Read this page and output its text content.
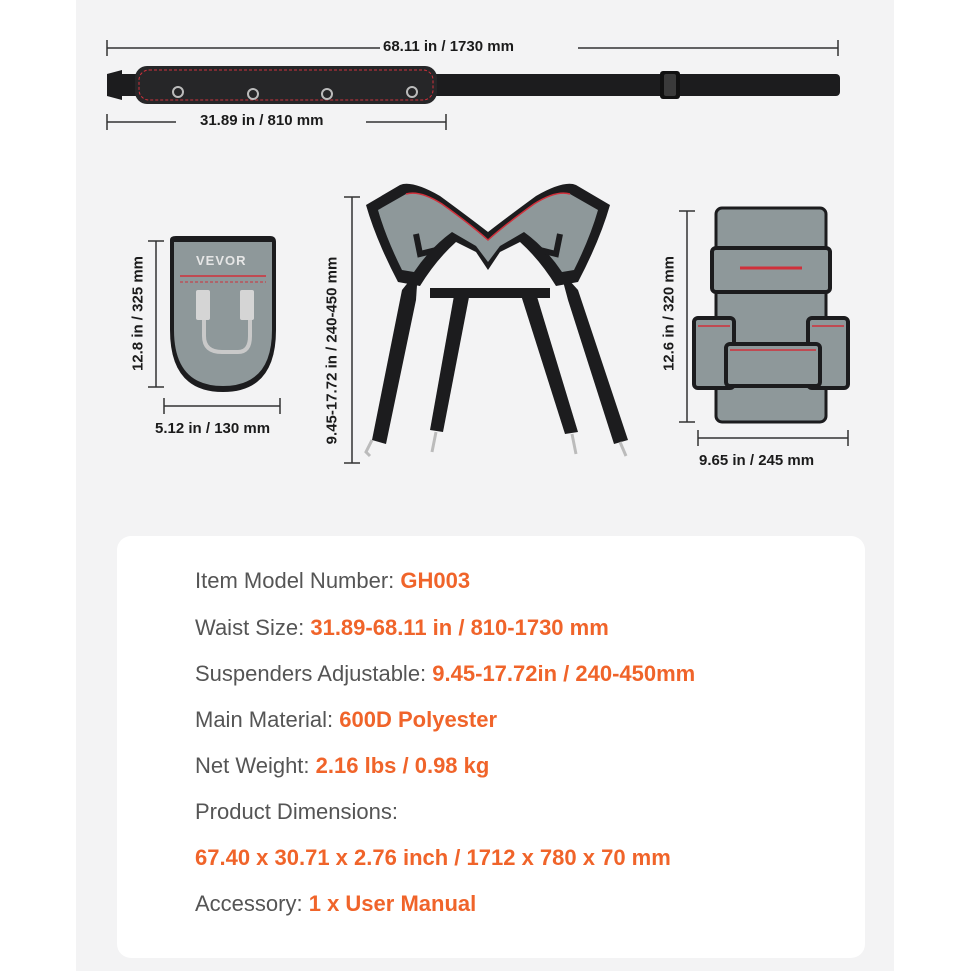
68.11 in / 1730 mm
31.89 in / 810 mm
12.8 in / 325 mm
5.12 in / 130 mm	9.45-17.72 in / 240-450 mm	12.6 in / 320 mm
9.65 in / 245 mm
VEVOR
Item Model Number: GH003
Waist Size: 31.89-68.11 in / 810-1730 mm
Suspenders Adjustable: 9.45-17.72in / 240-450mm
Main Material: 600D Polyester
Net Weight: 2.16 lbs / 0.98 kg
Product Dimensions:
67.40 x 30.71 x 2.76 inch / 1712 x 780 x 70 mm
Accessory: 1 x User Manual
